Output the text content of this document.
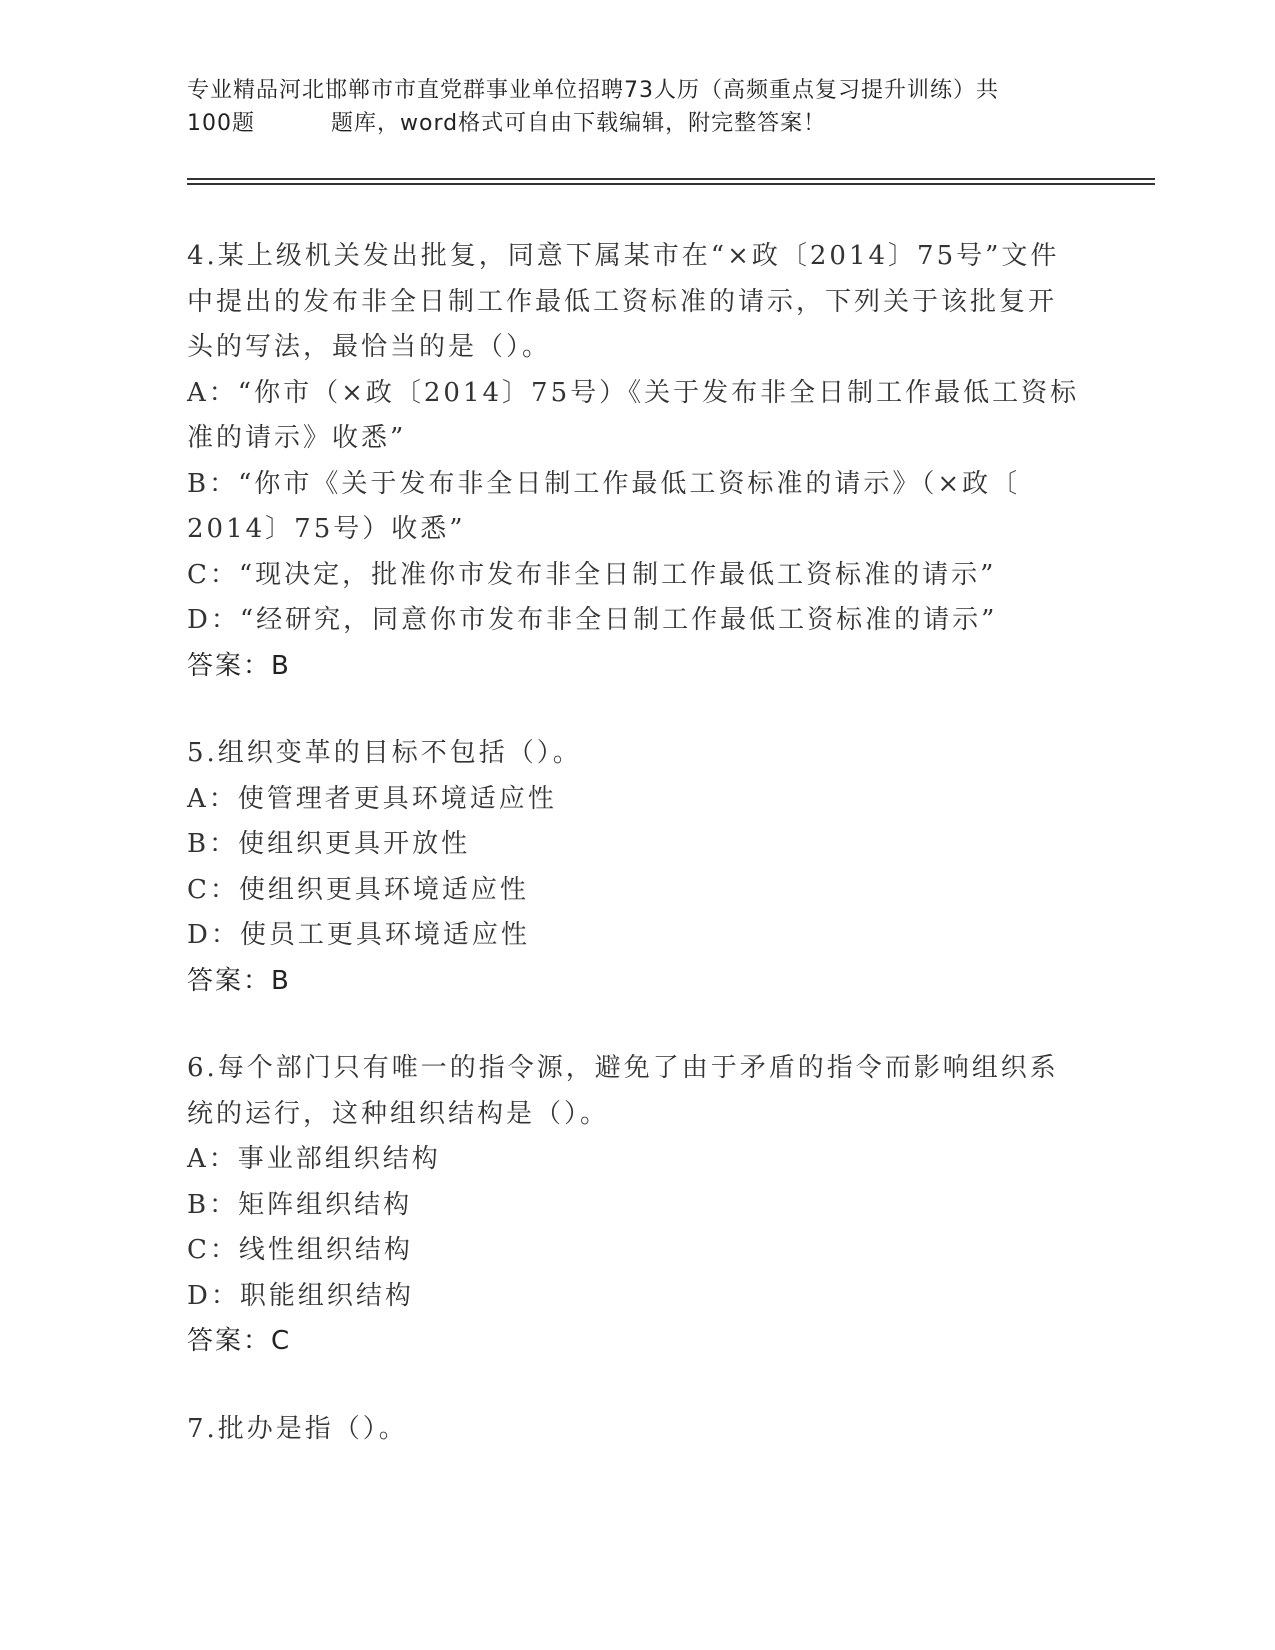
专业精品河北邯郸市市直党群事业单位招聘73人历（高频重点复习提升训练）共
100题	题库，word格式可自由下载编辑，附完整答案！
4.某上级机关发出批复，同意下属某市在“×政〔2014〕75号”文件
中提出的发布非全日制工作最低工资标准的请示，下列关于该批复开
头的写法，最恰当的是（）。
A：“你市（×政〔2014〕75号）《关于发布非全日制工作最低工资标
准的请示》收悉”
B：“你市《关于发布非全日制工作最低工资标准的请示》（×政〔
2014〕75号）收悉”
C：“现决定，批准你市发布非全日制工作最低工资标准的请示”
D：“经研究，同意你市发布非全日制工作最低工资标准的请示”
答案：B
5.组织变革的目标不包括（）。
A：使管理者更具环境适应性
B：使组织更具开放性
C：使组织更具环境适应性
D：使员工更具环境适应性
答案：B
6.每个部门只有唯一的指令源，避免了由于矛盾的指令而影响组织系
统的运行，这种组织结构是（）。
A：事业部组织结构
B：矩阵组织结构
C：线性组织结构
D：职能组织结构
答案：C
7.批办是指（）。
